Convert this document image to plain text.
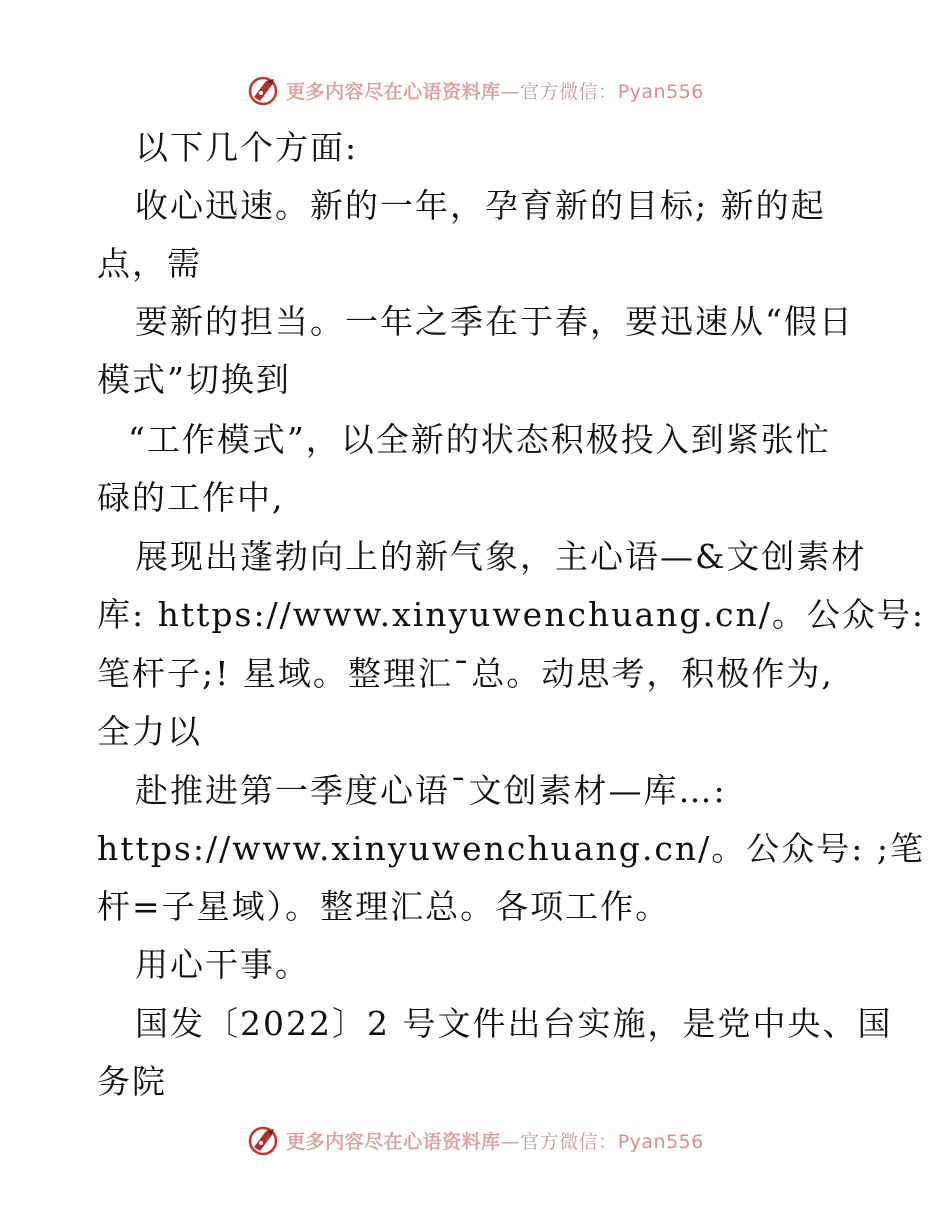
更多内容尽在心语资料库—官方微信：Pyan556
以下几个方面:
收心迅速。新的一年，孕育新的目标; 新的起
点，需
要新的担当。一年之季在于春，要迅速从“假日
模式”切换到
“工作模式”，以全新的状态积极投入到紧张忙
碌的工作中,
展现出蓬勃向上的新气象，主心语—&文创素材
库: https://www.xinyuwenchuang.cn/。公众号:
笔杆子;! 星域。整理汇¯总。动思考，积极作为,
全力以
赴推进第一季度心语¯文创素材—库…:
https://www.xinyuwenchuang.cn/。公众号: ;笔
杆=子星域）。整理汇总。各项工作。
用心干事。
国发〔2022〕2 号文件出台实施，是党中央、国
务院
更多内容尽在心语资料库—官方微信：Pyan556
